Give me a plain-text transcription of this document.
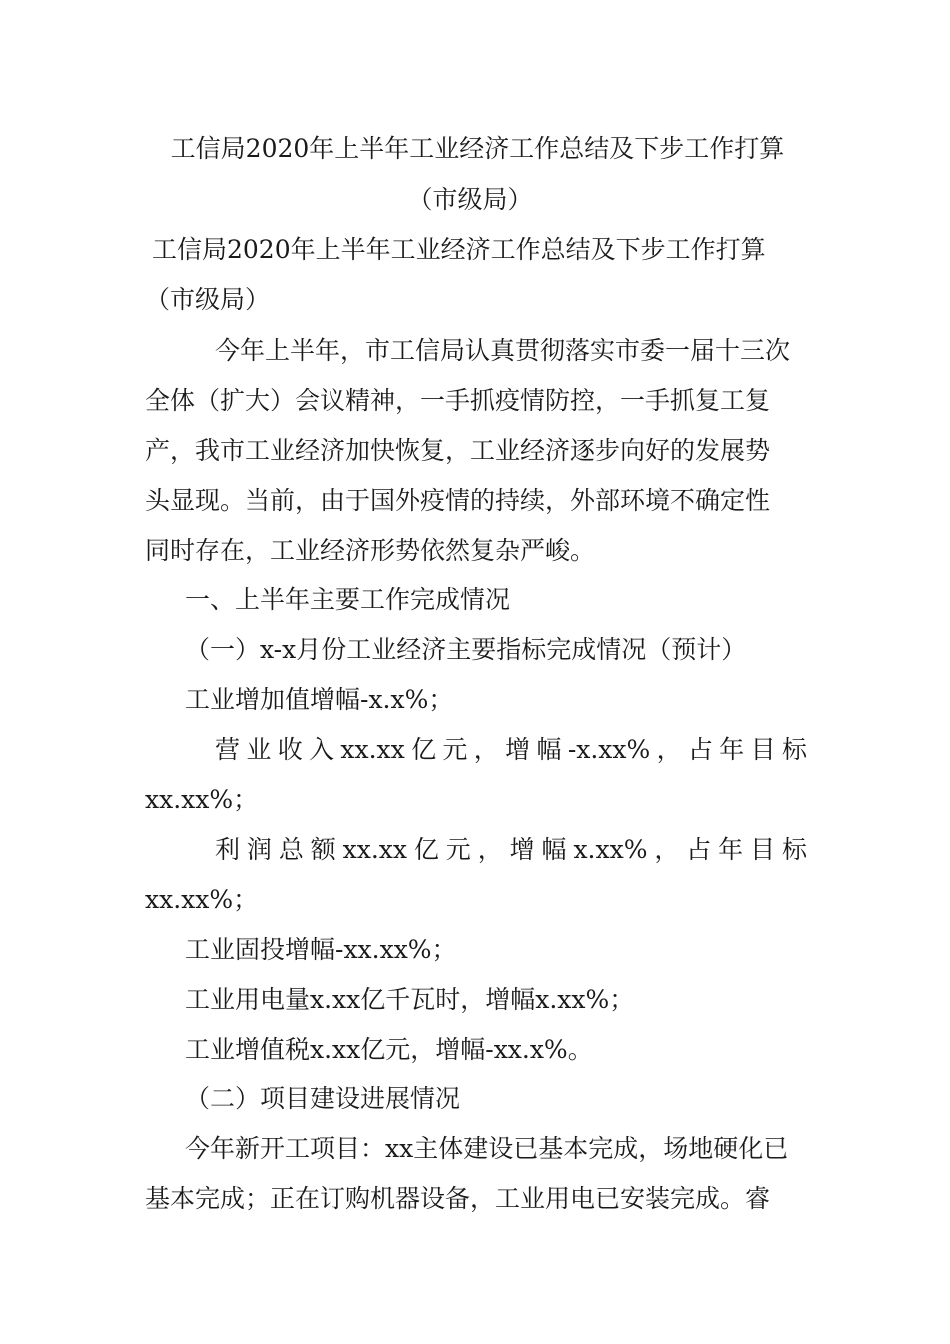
工信局2020年上半年工业经济工作总结及下步工作打算
（市级局）
工信局2020年上半年工业经济工作总结及下步工作打算
（市级局）
今年上半年，市工信局认真贯彻落实市委一届十三次
全体（扩大）会议精神，一手抓疫情防控，一手抓复工复
产，我市工业经济加快恢复，工业经济逐步向好的发展势
头显现。当前，由于国外疫情的持续，外部环境不确定性
同时存在，工业经济形势依然复杂严峻。
一、上半年主要工作完成情况
（一）x-x月份工业经济主要指标完成情况（预计）
工业增加值增幅-x.x%；
营业收入xx.xx亿元，增幅-x.xx%，占年目标
xx.xx%；
利润总额xx.xx亿元，增幅x.xx%，占年目标
xx.xx%；
工业固投增幅-xx.xx%；
工业用电量x.xx亿千瓦时，增幅x.xx%；
工业增值税x.xx亿元，增幅-xx.x%。
（二）项目建设进展情况
今年新开工项目：xx主体建设已基本完成，场地硬化已
基本完成；正在订购机器设备，工业用电已安装完成。睿
